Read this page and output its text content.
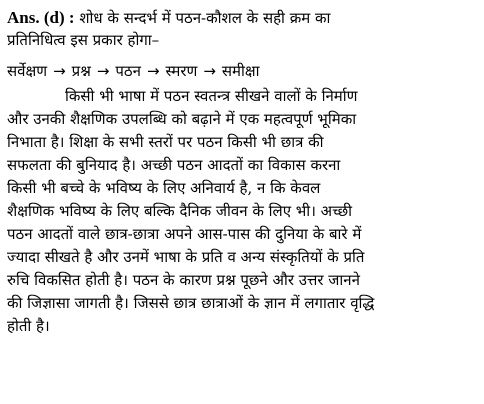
Ans. (d) : शोध के सन्दर्भ में पठन-कौशल के सही क्रम का
प्रतिनिधित्व इस प्रकार होगा–
सर्वेक्षण → प्रश्न → पठन → स्मरण → समीक्षा
किसी भी भाषा में पठन स्वतन्त्र सीखने वालों के निर्माण
और उनकी शैक्षणिक उपलब्धि को बढ़ाने में एक महत्वपूर्ण भूमिका
निभाता है। शिक्षा के सभी स्तरों पर पठन किसी भी छात्र की
सफलता की बुनियाद है। अच्छी पठन आदतों का विकास करना
किसी भी बच्चे के भविष्य के लिए अनिवार्य है, न कि केवल
शैक्षणिक भविष्य के लिए बल्कि दैनिक जीवन के लिए भी। अच्छी
पठन आदतों वाले छात्र-छात्रा अपने आस-पास की दुनिया के बारे में
ज्यादा सीखते है और उनमें भाषा के प्रति व अन्य संस्कृतियों के प्रति
रुचि विकसित होती है। पठन के कारण प्रश्न पूछने और उत्तर जानने
की जिज्ञासा जागती है। जिससे छात्र छात्राओं के ज्ञान में लगातार वृद्धि
होती है।
